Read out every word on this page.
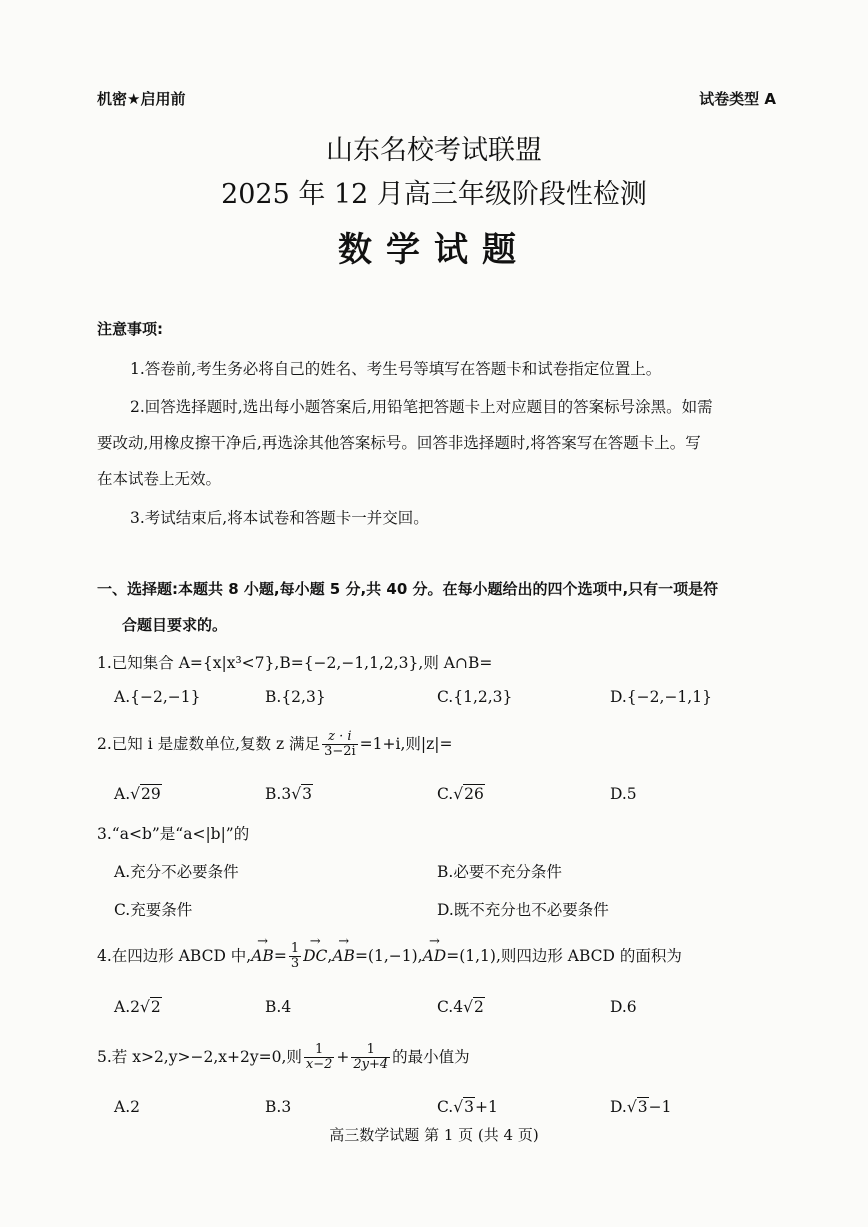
机密★启用前	试卷类型 A
山东名校考试联盟
2025 年 12 月高三年级阶段性检测
数学试题
注意事项:
1.答卷前,考生务必将自己的姓名、考生号等填写在答题卡和试卷指定位置上。
2.回答选择题时,选出每小题答案后,用铅笔把答题卡上对应题目的答案标号涂黑。如需
要改动,用橡皮擦干净后,再选涂其他答案标号。回答非选择题时,将答案写在答题卡上。写
在本试卷上无效。
3.考试结束后,将本试卷和答题卡一并交回。
一、选择题:本题共 8 小题,每小题 5 分,共 40 分。在每小题给出的四个选项中,只有一项是符
合题目要求的。
1.已知集合 A={x|x³<7},B={−2,−1,1,2,3},则 A∩B=
A.{−2,−1}	B.{2,3}	C.{1,2,3}	D.{−2,−1,1}
2.已知 i 是虚数单位,复数 z 满足 $\frac{z \cdot i}{3-2i} =1+i$,则|z|=
A.√29	B.3√3	C.√26	D.5
3.“a<b”是“a<|b|”的
A.充分不必要条件	B.必要不充分条件
C.充要条件	D.既不充分也不必要条件
4.在四边形 ABCD 中,→ $AB= \frac{1}{3}$
→ DC,→ AB=(1,−1),→ AD=(1,1),则四边形 ABCD 的面积为
A.2√2	B.4	C.4√2	D.6
5.若 x>2,y>−2,x+2y=0,则 $\frac{1}{x-2} + \frac{1}{2y+4}$ 的最小值为
A.2	B.3	C.√3+1	D.√3−1
高三数学试题 第 1 页 (共 4 页)
